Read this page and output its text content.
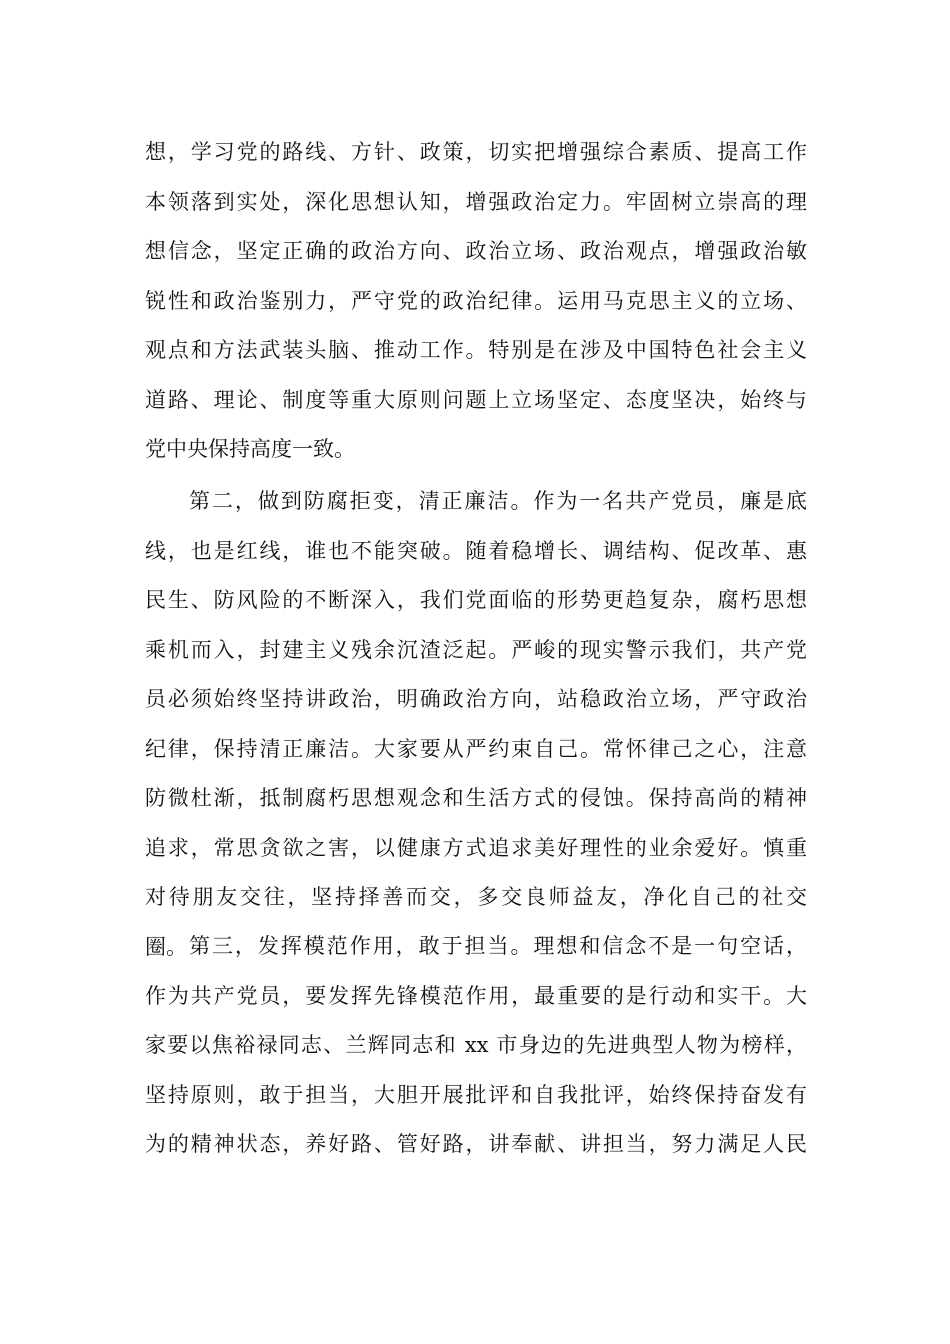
想，学习党的路线、方针、政策，切实把增强综合素质、提高工作
本领落到实处，深化思想认知，增强政治定力。牢固树立崇高的理
想信念，坚定正确的政治方向、政治立场、政治观点，增强政治敏
锐性和政治鉴别力，严守党的政治纪律。运用马克思主义的立场、
观点和方法武装头脑、推动工作。特别是在涉及中国特色社会主义
道路、理论、制度等重大原则问题上立场坚定、态度坚决，始终与
党中央保持高度一致。
第二，做到防腐拒变，清正廉洁。作为一名共产党员，廉是底
线，也是红线，谁也不能突破。随着稳增长、调结构、促改革、惠
民生、防风险的不断深入，我们党面临的形势更趋复杂，腐朽思想
乘机而入，封建主义残余沉渣泛起。严峻的现实警示我们，共产党
员必须始终坚持讲政治，明确政治方向，站稳政治立场，严守政治
纪律，保持清正廉洁。大家要从严约束自己。常怀律己之心，注意
防微杜渐，抵制腐朽思想观念和生活方式的侵蚀。保持高尚的精神
追求，常思贪欲之害，以健康方式追求美好理性的业余爱好。慎重
对待朋友交往，坚持择善而交，多交良师益友，净化自己的社交
圈。 第三，发挥模范作用，敢于担当。理想和信念不是一句空话，
作为共产党员，要发挥先锋模范作用，最重要的是行动和实干。大
家要以焦裕禄同志、兰辉同志和 xx 市身边的先进典型人物为榜样，
坚持原则，敢于担当，大胆开展批评和自我批评，始终保持奋发有
为的精神状态，养好路、管好路，讲奉献、讲担当，努力满足人民
